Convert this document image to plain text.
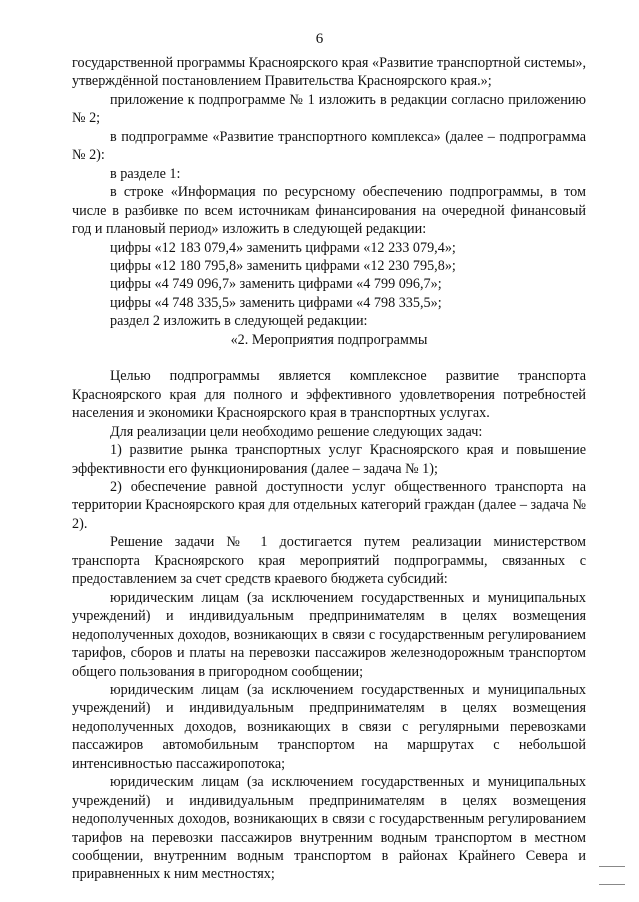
6

государственной программы Красноярского края «Развитие транспортной системы», утверждённой постановлением Правительства Красноярского края.»;

приложение к подпрограмме № 1 изложить в редакции согласно приложению № 2;

в подпрограмме «Развитие транспортного комплекса» (далее – подпрограмма № 2):

в разделе 1:

в строке «Информация по ресурсному обеспечению подпрограммы, в том числе в разбивке по всем источникам финансирования на очередной финансовый год и плановый период» изложить в следующей редакции:

цифры «12 183 079,4» заменить цифрами «12 233 079,4»;

цифры «12 180 795,8» заменить цифрами «12 230 795,8»;

цифры «4 749 096,7» заменить цифрами «4 799 096,7»;

цифры «4 748 335,5» заменить цифрами «4 798 335,5»;

раздел 2 изложить в следующей редакции:

«2. Мероприятия подпрограммы

Целью подпрограммы является комплексное развитие транспорта Красноярского края для полного и эффективного удовлетворения потребностей населения и экономики Красноярского края в транспортных услугах.

Для реализации цели необходимо решение следующих задач:

1) развитие рынка транспортных услуг Красноярского края и повышение эффективности его функционирования (далее – задача № 1);

2) обеспечение равной доступности услуг общественного транспорта на территории Красноярского края для отдельных категорий граждан (далее – задача № 2).

Решение задачи № 1 достигается путем реализации министерством транспорта Красноярского края мероприятий подпрограммы, связанных с предоставлением за счет средств краевого бюджета субсидий:

юридическим лицам (за исключением государственных и муниципальных учреждений) и индивидуальным предпринимателям в целях возмещения недополученных доходов, возникающих в связи с государственным регулированием тарифов, сборов и платы на перевозки пассажиров железнодорожным транспортом общего пользования в пригородном сообщении;

юридическим лицам (за исключением государственных и муниципальных учреждений) и индивидуальным предпринимателям в целях возмещения недополученных доходов, возникающих в связи с регулярными перевозками пассажиров автомобильным транспортом на маршрутах с небольшой интенсивностью пассажиропотока;

юридическим лицам (за исключением государственных и муниципальных учреждений) и индивидуальным предпринимателям в целях возмещения недополученных доходов, возникающих в связи с государственным регулированием тарифов на перевозки пассажиров внутренним водным транспортом в местном сообщении, внутренним водным транспортом в районах Крайнего Севера и приравненных к ним местностях;
